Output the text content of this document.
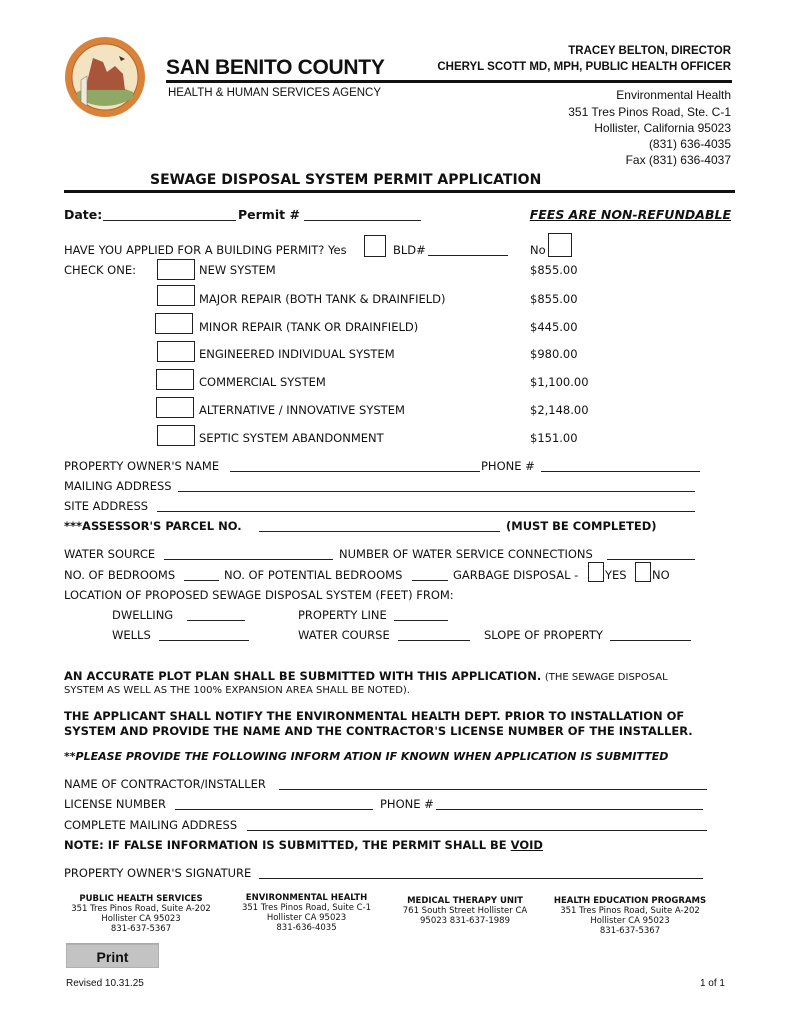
SAN BENITO COUNTY
HEALTH & HUMAN SERVICES AGENCY
TRACEY BELTON, DIRECTOR
CHERYL SCOTT MD, MPH, PUBLIC HEALTH OFFICER
Environmental Health
351 Tres Pinos Road, Ste. C-1
Hollister, California 95023
(831) 636-4035
Fax (831) 636-4037
SEWAGE DISPOSAL SYSTEM PERMIT APPLICATION
Date:	Permit #	FEES ARE NON-REFUNDABLE
HAVE YOU APPLIED FOR A BUILDING PERMIT? Yes	BLD#	No
CHECK ONE:	NEW SYSTEM	$855.00
MAJOR REPAIR (BOTH TANK & DRAINFIELD)	$855.00
MINOR REPAIR (TANK OR DRAINFIELD)	$445.00
ENGINEERED INDIVIDUAL SYSTEM	$980.00
COMMERCIAL SYSTEM	$1,100.00
ALTERNATIVE / INNOVATIVE SYSTEM	$2,148.00
SEPTIC SYSTEM ABANDONMENT	$151.00
PROPERTY OWNER'S NAME	PHONE #
MAILING ADDRESS
SITE ADDRESS
***ASSESSOR'S PARCEL NO.	(MUST BE COMPLETED)
WATER SOURCE	NUMBER OF WATER SERVICE CONNECTIONS
NO. OF BEDROOMS	NO. OF POTENTIAL BEDROOMS	GARBAGE DISPOSAL - YES NO
LOCATION OF PROPOSED SEWAGE DISPOSAL SYSTEM (FEET) FROM:
DWELLING	PROPERTY LINE
WELLS	WATER COURSE	SLOPE OF PROPERTY
AN ACCURATE PLOT PLAN SHALL BE SUBMITTED WITH THIS APPLICATION. (THE SEWAGE DISPOSAL
SYSTEM AS WELL AS THE 100% EXPANSION AREA SHALL BE NOTED).
THE APPLICANT SHALL NOTIFY THE ENVIRONMENTAL HEALTH DEPT. PRIOR TO INSTALLATION OF
SYSTEM AND PROVIDE THE NAME AND THE CONTRACTOR'S LICENSE NUMBER OF THE INSTALLER.
**PLEASE PROVIDE THE FOLLOWING INFORM ATION IF KNOWN WHEN APPLICATION IS SUBMITTED
NAME OF CONTRACTOR/INSTALLER
LICENSE NUMBER	PHONE #
COMPLETE MAILING ADDRESS
NOTE: IF FALSE INFORMATION IS SUBMITTED, THE PERMIT SHALL BE VOID
PROPERTY OWNER'S SIGNATURE
PUBLIC HEALTH SERVICES
351 Tres Pinos Road, Suite A-202
Hollister CA 95023
831-637-5367
ENVIRONMENTAL HEALTH
351 Tres Pinos Road, Suite C-1
Hollister CA 95023
831-636-4035
MEDICAL THERAPY UNIT
761 South Street Hollister CA
95023 831-637-1989
HEALTH EDUCATION PROGRAMS
351 Tres Pinos Road, Suite A-202
Hollister CA 95023
831-637-5367
Print
Revised 10.31.25	1 of 1
